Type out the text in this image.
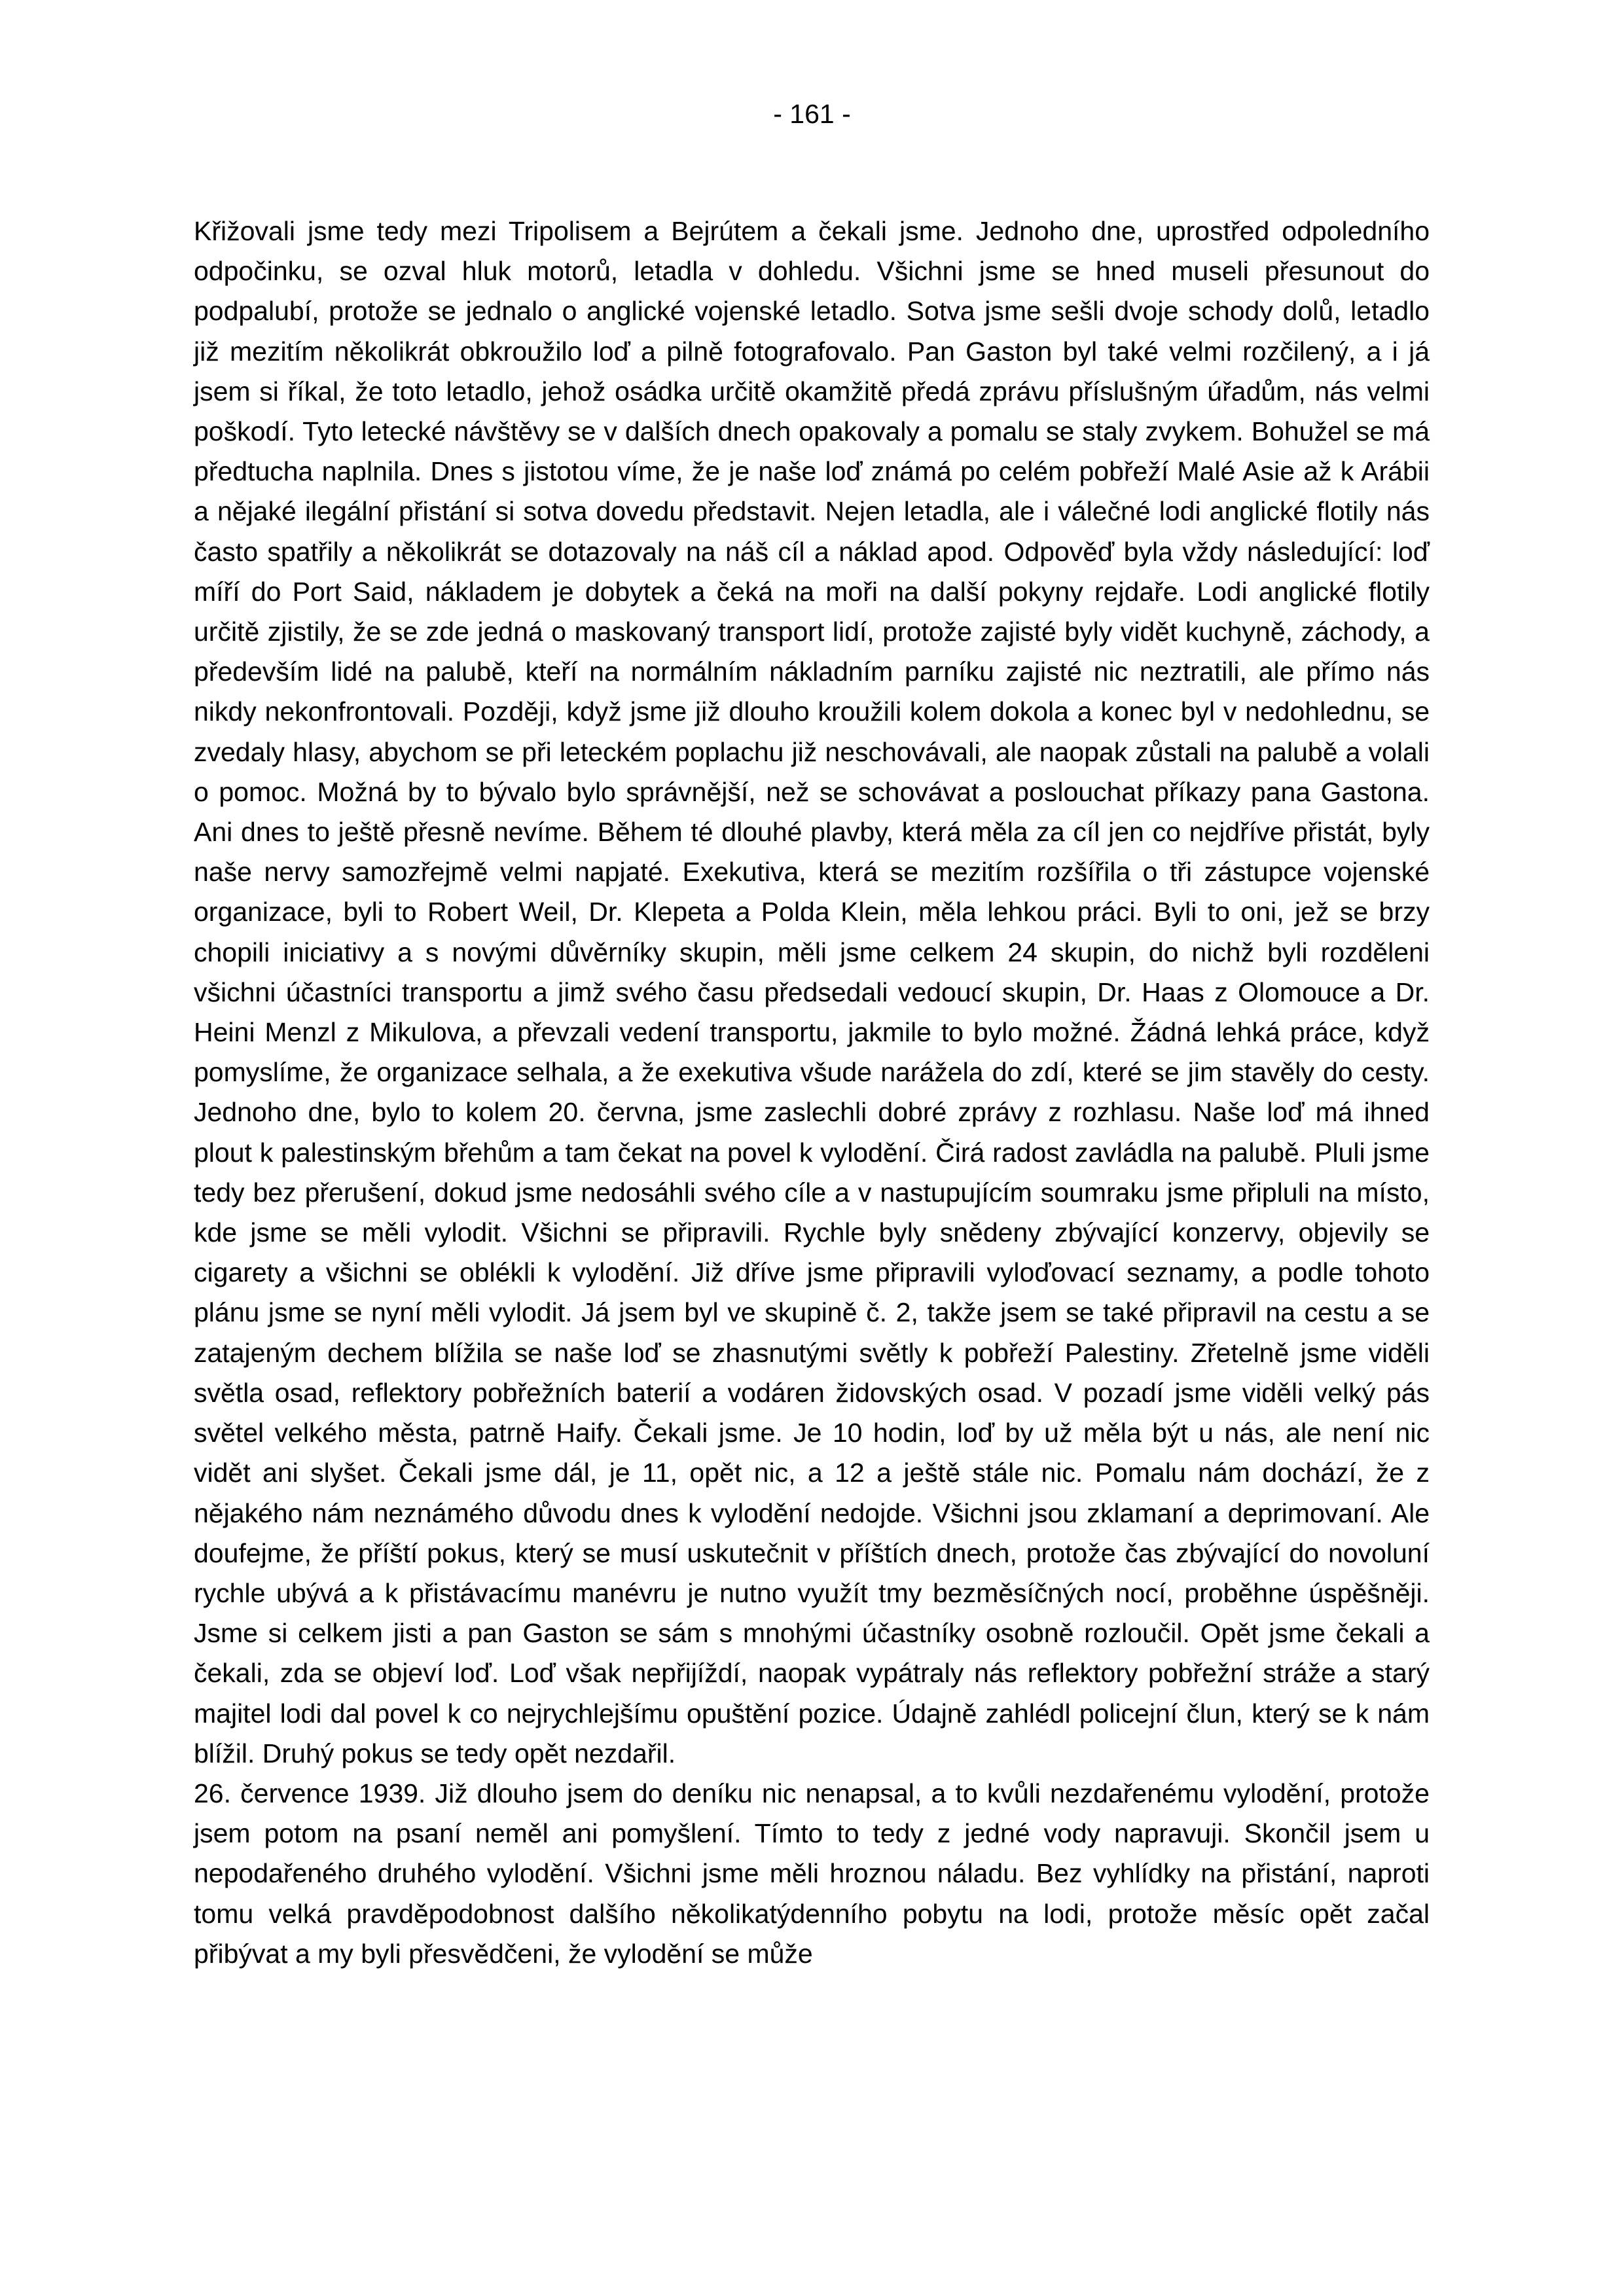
- 161 -

Křižovali jsme tedy mezi Tripolisem a Bejrútem a čekali jsme. Jednoho dne, uprostřed odpoledního odpočinku, se ozval hluk motorů, letadla v dohledu. Všichni jsme se hned museli přesunout do podpalubí, protože se jednalo o anglické vojenské letadlo. Sotva jsme sešli dvoje schody dolů, letadlo již mezitím několikrát obkroužilo loď a pilně fotografovalo. Pan Gaston byl také velmi rozčilený, a i já jsem si říkal, že toto letadlo, jehož osádka určitě okamžitě předá zprávu příslušným úřadům, nás velmi poškodí. Tyto letecké návštěvy se v dalších dnech opakovaly a pomalu se staly zvykem. Bohužel se má předtucha naplnila. Dnes s jistotou víme, že je naše loď známá po celém pobřeží Malé Asie až k Arábii a nějaké ilegální přistání si sotva dovedu představit. Nejen letadla, ale i válečné lodi anglické flotily nás často spatřily a několikrát se dotazovaly na náš cíl a náklad apod. Odpověď byla vždy následující: loď míří do Port Said, nákladem je dobytek a čeká na moři na další pokyny rejdaře. Lodi anglické flotily určitě zjistily, že se zde jedná o maskovaný transport lidí, protože zajisté byly vidět kuchyně, záchody, a především lidé na palubě, kteří na normálním nákladním parníku zajisté nic neztratili, ale přímo nás nikdy nekonfrontovali. Později, když jsme již dlouho kroužili kolem dokola a konec byl v nedohlednu, se zvedaly hlasy, abychom se při leteckém poplachu již neschovávali, ale naopak zůstali na palubě a volali o pomoc. Možná by to bývalo bylo správnější, než se schovávat a poslouchat příkazy pana Gastona. Ani dnes to ještě přesně nevíme. Během té dlouhé plavby, která měla za cíl jen co nejdříve přistát, byly naše nervy samozřejmě velmi napjaté. Exekutiva, která se mezitím rozšířila o tři zástupce vojenské organizace, byli to Robert Weil, Dr. Klepeta a Polda Klein, měla lehkou práci. Byli to oni, jež se brzy chopili iniciativy a s novými důvěrníky skupin, měli jsme celkem 24 skupin, do nichž byli rozděleni všichni účastníci transportu a jimž svého času předsedali vedoucí skupin, Dr. Haas z Olomouce a Dr. Heini Menzl z Mikulova, a převzali vedení transportu, jakmile to bylo možné. Žádná lehká práce, když pomyslíme, že organizace selhala, a že exekutiva všude narážela do zdí, které se jim stavěly do cesty. Jednoho dne, bylo to kolem 20. června, jsme zaslechli dobré zprávy z rozhlasu. Naše loď má ihned plout k palestinským břehům a tam čekat na povel k vylodění. Čirá radost zavládla na palubě. Pluli jsme tedy bez přerušení, dokud jsme nedosáhli svého cíle a v nastupujícím soumraku jsme připluli na místo, kde jsme se měli vylodit. Všichni se připravili. Rychle byly snědeny zbývající konzervy, objevily se cigarety a všichni se oblékli k vylodění. Již dříve jsme připravili vyloďovací seznamy, a podle tohoto plánu jsme se nyní měli vylodit. Já jsem byl ve skupině č. 2, takže jsem se také připravil na cestu a se zatajeným dechem blížila se naše loď se zhasnutými světly k pobřeží Palestiny. Zřetelně jsme viděli světla osad, reflektory pobřežních baterií a vodáren židovských osad. V pozadí jsme viděli velký pás světel velkého města, patrně Haify. Čekali jsme. Je 10 hodin, loď by už měla být u nás, ale není nic vidět ani slyšet. Čekali jsme dál, je 11, opět nic, a 12 a ještě stále nic. Pomalu nám dochází, že z nějakého nám neznámého důvodu dnes k vylodění nedojde. Všichni jsou zklamaní a deprimovaní. Ale doufejme, že příští pokus, který se musí uskutečnit v příštích dnech, protože čas zbývající do novoluní rychle ubývá a k přistávacímu manévru je nutno využít tmy bezměsíčných nocí, proběhne úspěšněji. Jsme si celkem jisti a pan Gaston se sám s mnohými účastníky osobně rozloučil. Opět jsme čekali a čekali, zda se objeví loď. Loď však nepřijíždí, naopak vypátraly nás reflektory pobřežní stráže a starý majitel lodi dal povel k co nejrychlejšímu opuštění pozice. Údajně zahlédl policejní člun, který se k nám blížil. Druhý pokus se tedy opět nezdařil.

26. července 1939. Již dlouho jsem do deníku nic nenapsal, a to kvůli nezdařenému vylodění, protože jsem potom na psaní neměl ani pomyšlení. Tímto to tedy z jedné vody napravuji. Skončil jsem u nepodařeného druhého vylodění. Všichni jsme měli hroznou náladu. Bez vyhlídky na přistání, naproti tomu velká pravděpodobnost dalšího několikatýdenního pobytu na lodi, protože měsíc opět začal přibývat a my byli přesvědčeni, že vylodění se může
